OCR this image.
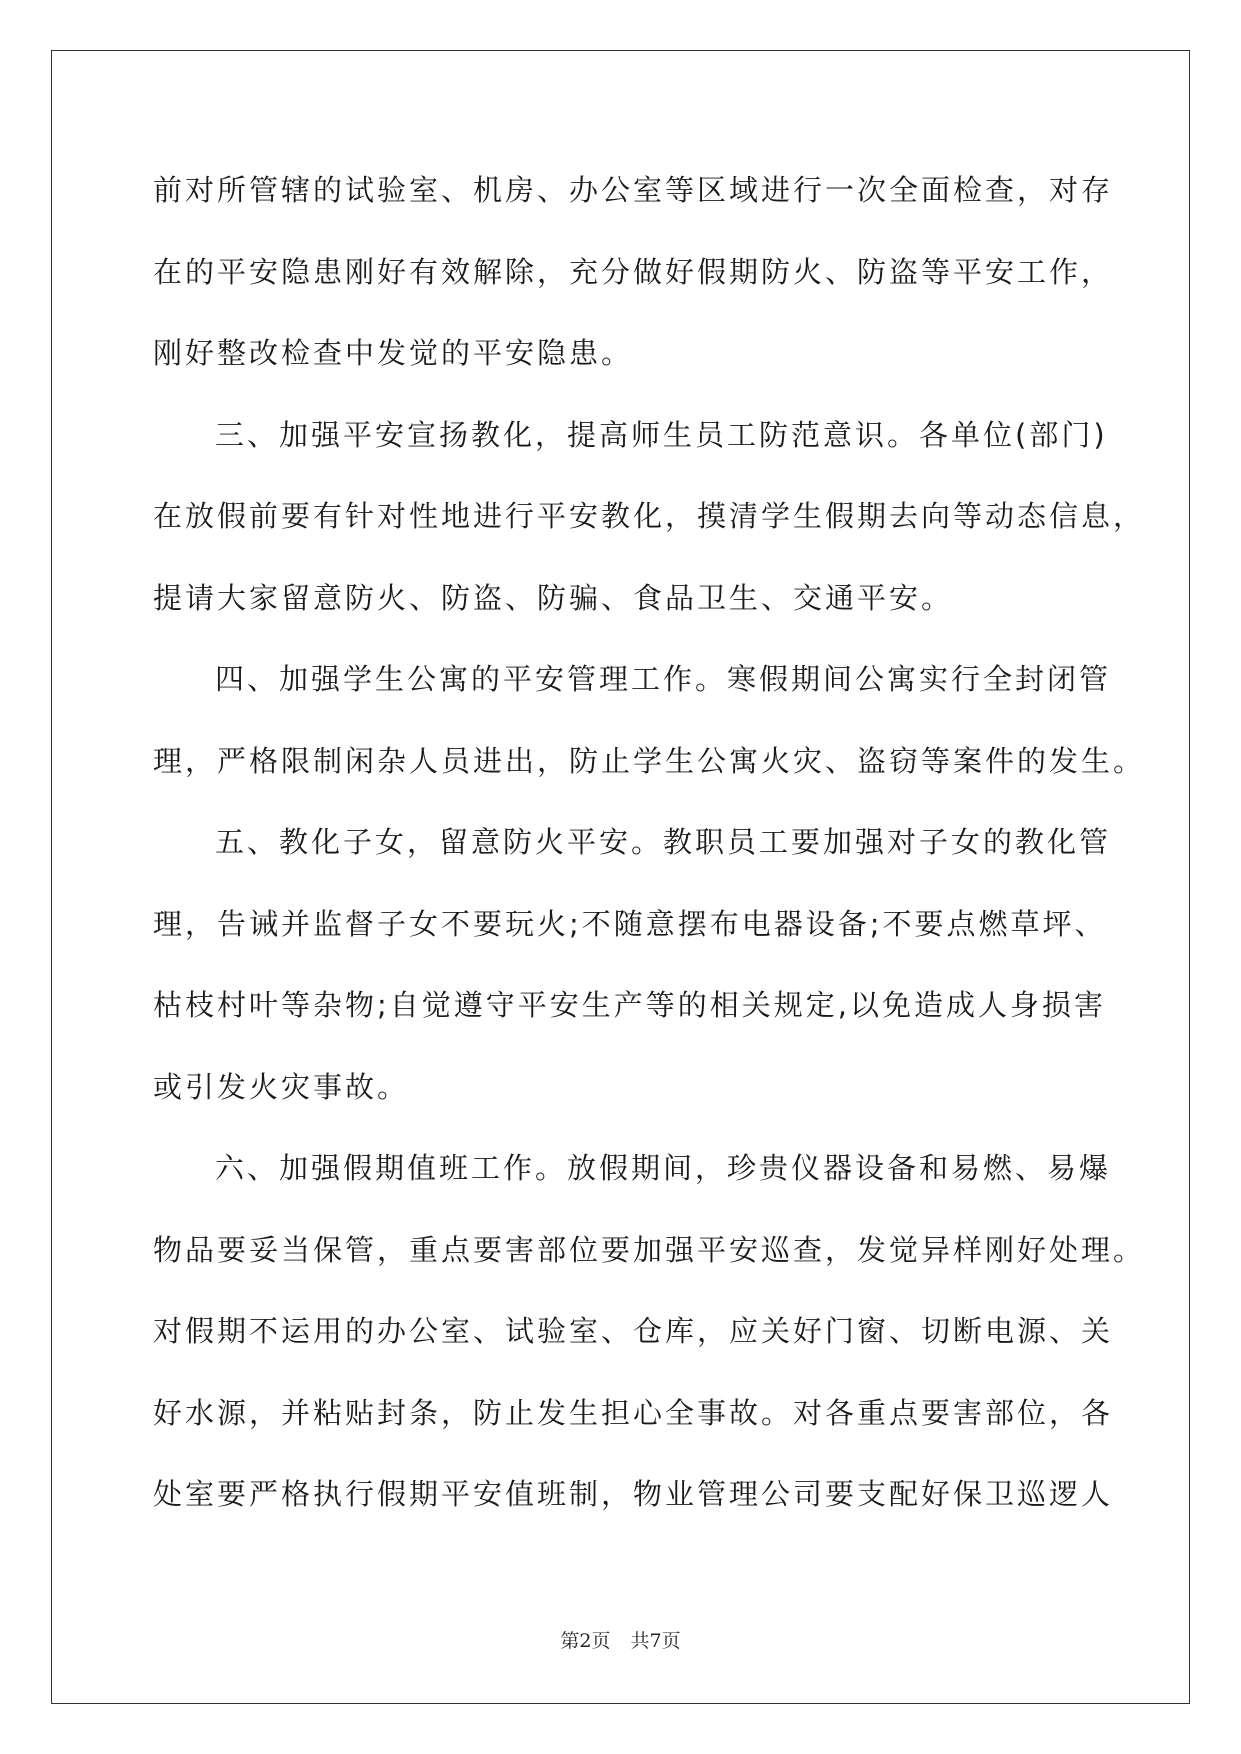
前对所管辖的试验室、机房、办公室等区域进行一次全面检查，对存
在的平安隐患刚好有效解除，充分做好假期防火、防盗等平安工作，
刚好整改检查中发觉的平安隐患。
三、加强平安宣扬教化，提高师生员工防范意识。各单位(部门)
在放假前要有针对性地进行平安教化，摸清学生假期去向等动态信息，
提请大家留意防火、防盗、防骗、食品卫生、交通平安。
四、加强学生公寓的平安管理工作。寒假期间公寓实行全封闭管
理，严格限制闲杂人员进出，防止学生公寓火灾、盗窃等案件的发生。
五、教化子女，留意防火平安。教职员工要加强对子女的教化管
理，告诫并监督子女不要玩火;不随意摆布电器设备;不要点燃草坪、
枯枝村叶等杂物;自觉遵守平安生产等的相关规定,以免造成人身损害
或引发火灾事故。
六、加强假期值班工作。放假期间，珍贵仪器设备和易燃、易爆
物品要妥当保管，重点要害部位要加强平安巡查，发觉异样刚好处理。
对假期不运用的办公室、试验室、仓库，应关好门窗、切断电源、关
好水源，并粘贴封条，防止发生担心全事故。对各重点要害部位，各
处室要严格执行假期平安值班制，物业管理公司要支配好保卫巡逻人
第2页 共7页
